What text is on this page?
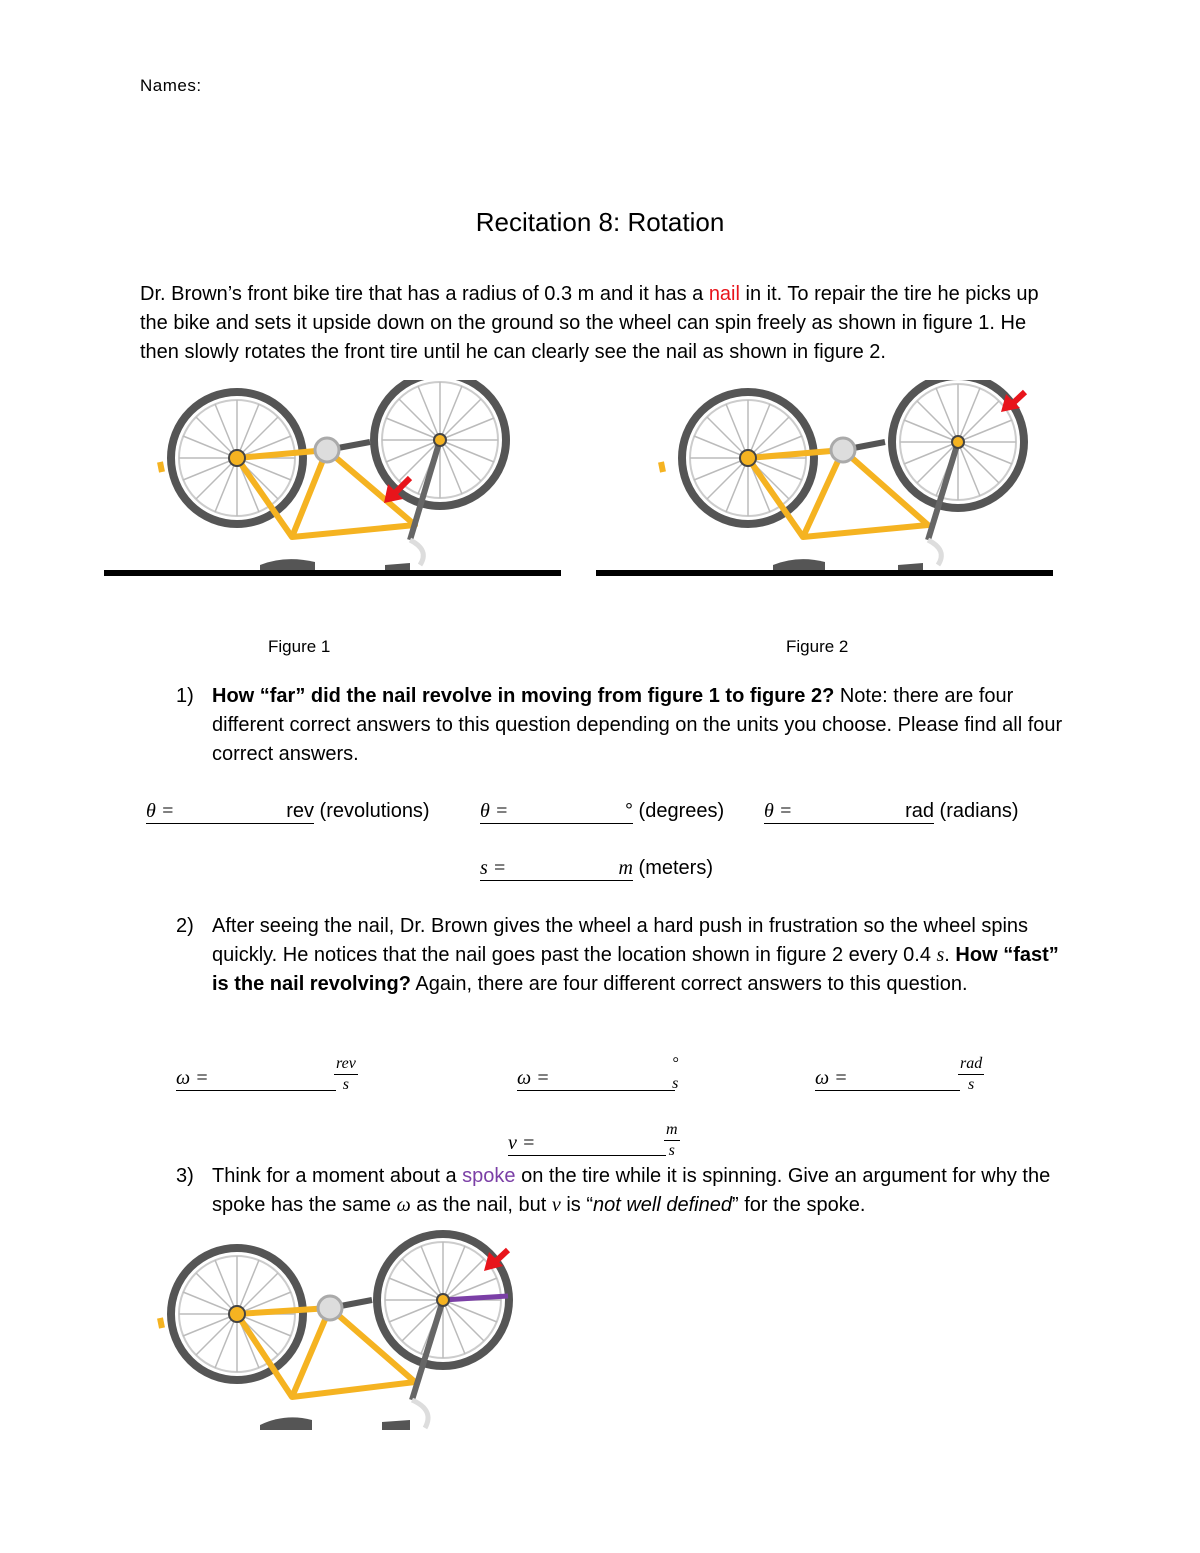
Names:
Recitation 8: Rotation
Dr. Brown’s front bike tire that has a radius of 0.3 m and it has a nail in it. To repair the tire he picks up the bike and sets it upside down on the ground so the wheel can spin freely as shown in figure 1. He then slowly rotates the front tire until he can clearly see the nail as shown in figure 2.
Figure 1	Figure 2
1) How “far” did the nail revolve in moving from figure 1 to figure 2? Note: there are four different correct answers to this question depending on the units you choose. Please find all four correct answers.
θ =	rev (revolutions)	θ =	° (degrees) θ =	rad (radians)
s =	m (meters)
2) After seeing the nail, Dr. Brown gives the wheel a hard push in frustration so the wheel spins quickly. He notices that the nail goes past the location shown in figure 2 every 0.4 s. How “fast” is the nail revolving? Again, there are four different correct answers to this question.
ω =
rev
s	ω =
°
s	ω =
rad
s
v =	$\frac{m}{s}$
3) Think for a moment about a spoke on the tire while it is spinning. Give an argument for why the spoke has the same ω as the nail, but v is “not well defined” for the spoke.
